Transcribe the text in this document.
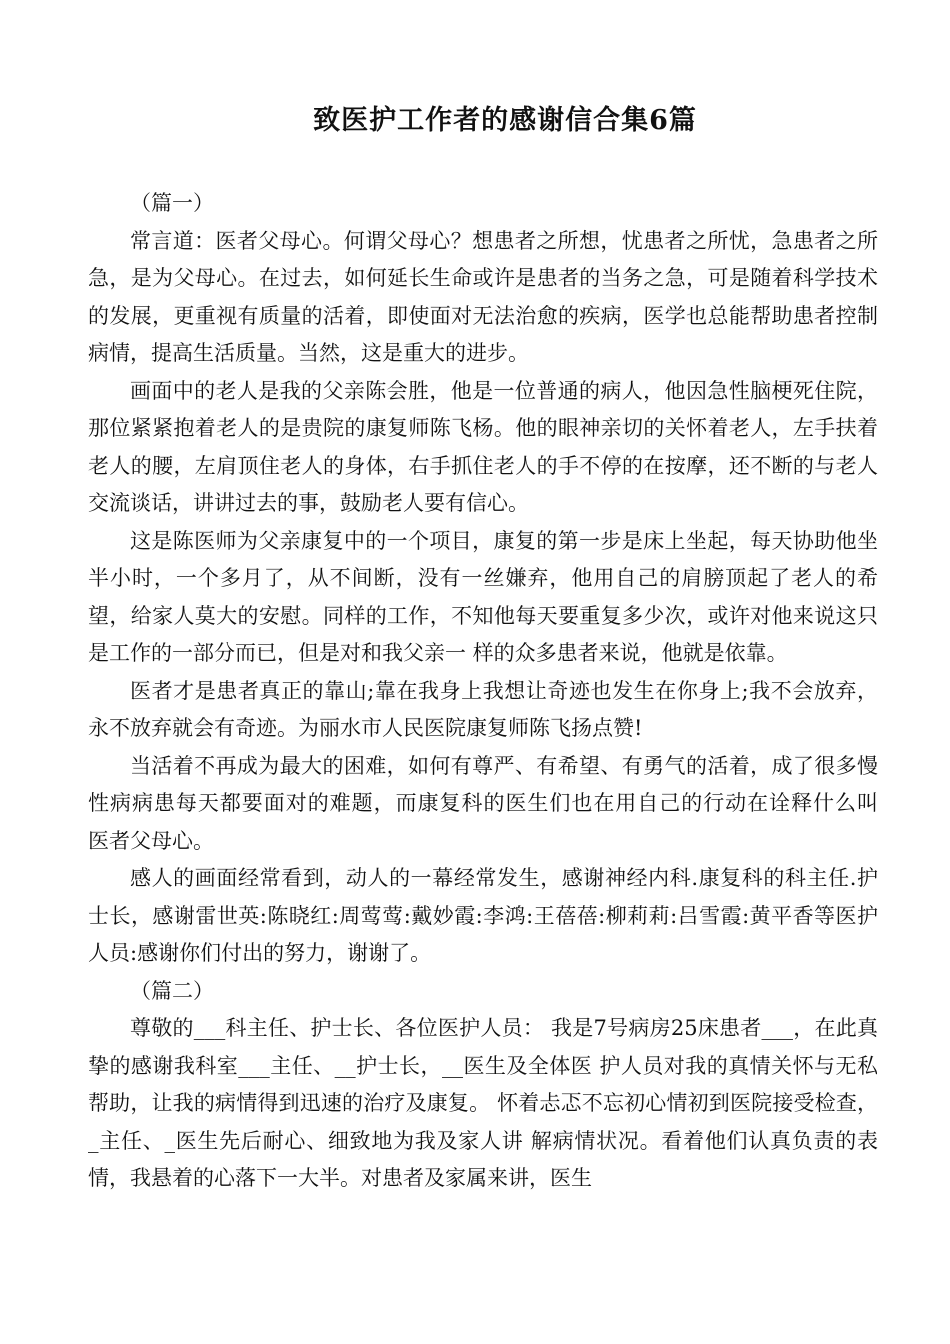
致医护工作者的感谢信合集6篇

（篇一）

常言道：医者父母心。何谓父母心？想患者之所想，忧患者之所忧，急患者之所急，是为父母心。在过去，如何延长生命或许是患者的当务之急，可是随着科学技术的发展，更重视有质量的活着，即使面对无法治愈的疾病，医学也总能帮助患者控制病情，提高生活质量。当然，这是重大的进步。

画面中的老人是我的父亲陈会胜，他是一位普通的病人，他因急性脑梗死住院，那位紧紧抱着老人的是贵院的康复师陈飞杨。他的眼神亲切的关怀着老人，左手扶着老人的腰，左肩顶住老人的身体，右手抓住老人的手不停的在按摩，还不断的与老人交流谈话，讲讲过去的事，鼓励老人要有信心。

这是陈医师为父亲康复中的一个项目，康复的第一步是床上坐起，每天协助他坐半小时，一个多月了，从不间断，没有一丝嫌弃，他用自己的肩膀顶起了老人的希望，给家人莫大的安慰。同样的工作，不知他每天要重复多少次，或许对他来说这只是工作的一部分而已，但是对和我父亲一 样的众多患者来说，他就是依靠。

医者才是患者真正的靠山;靠在我身上我想让奇迹也发生在你身上;我不会放弃，永不放弃就会有奇迹。为丽水市人民医院康复师陈飞扬点赞!

当活着不再成为最大的困难，如何有尊严、有希望、有勇气的活着，成了很多慢性病病患每天都要面对的难题，而康复科的医生们也在用自己的行动在诠释什么叫　　医者父母心。

感人的画面经常看到，动人的一幕经常发生，感谢神经内科.康复科的科主任.护士长，感谢雷世英:陈晓红:周莺莺:戴妙霞:李鸿:王蓓蓓:柳莉莉:吕雪霞:黄平香等医护人员:感谢你们付出的努力，谢谢了。

（篇二）

尊敬的___科主任、护士长、各位医护人员： 我是7号病房25床患者___，在此真挚的感谢我科室___主任、__护士长，__医生及全体医 护人员对我的真情关怀与无私帮助，让我的病情得到迅速的治疗及康复。 怀着忐忑不忘初心情初到医院接受检查，_主任、_医生先后耐心、细致地为我及家人讲 解病情状况。看着他们认真负责的表情，我悬着的心落下一大半。对患者及家属来讲，医生
